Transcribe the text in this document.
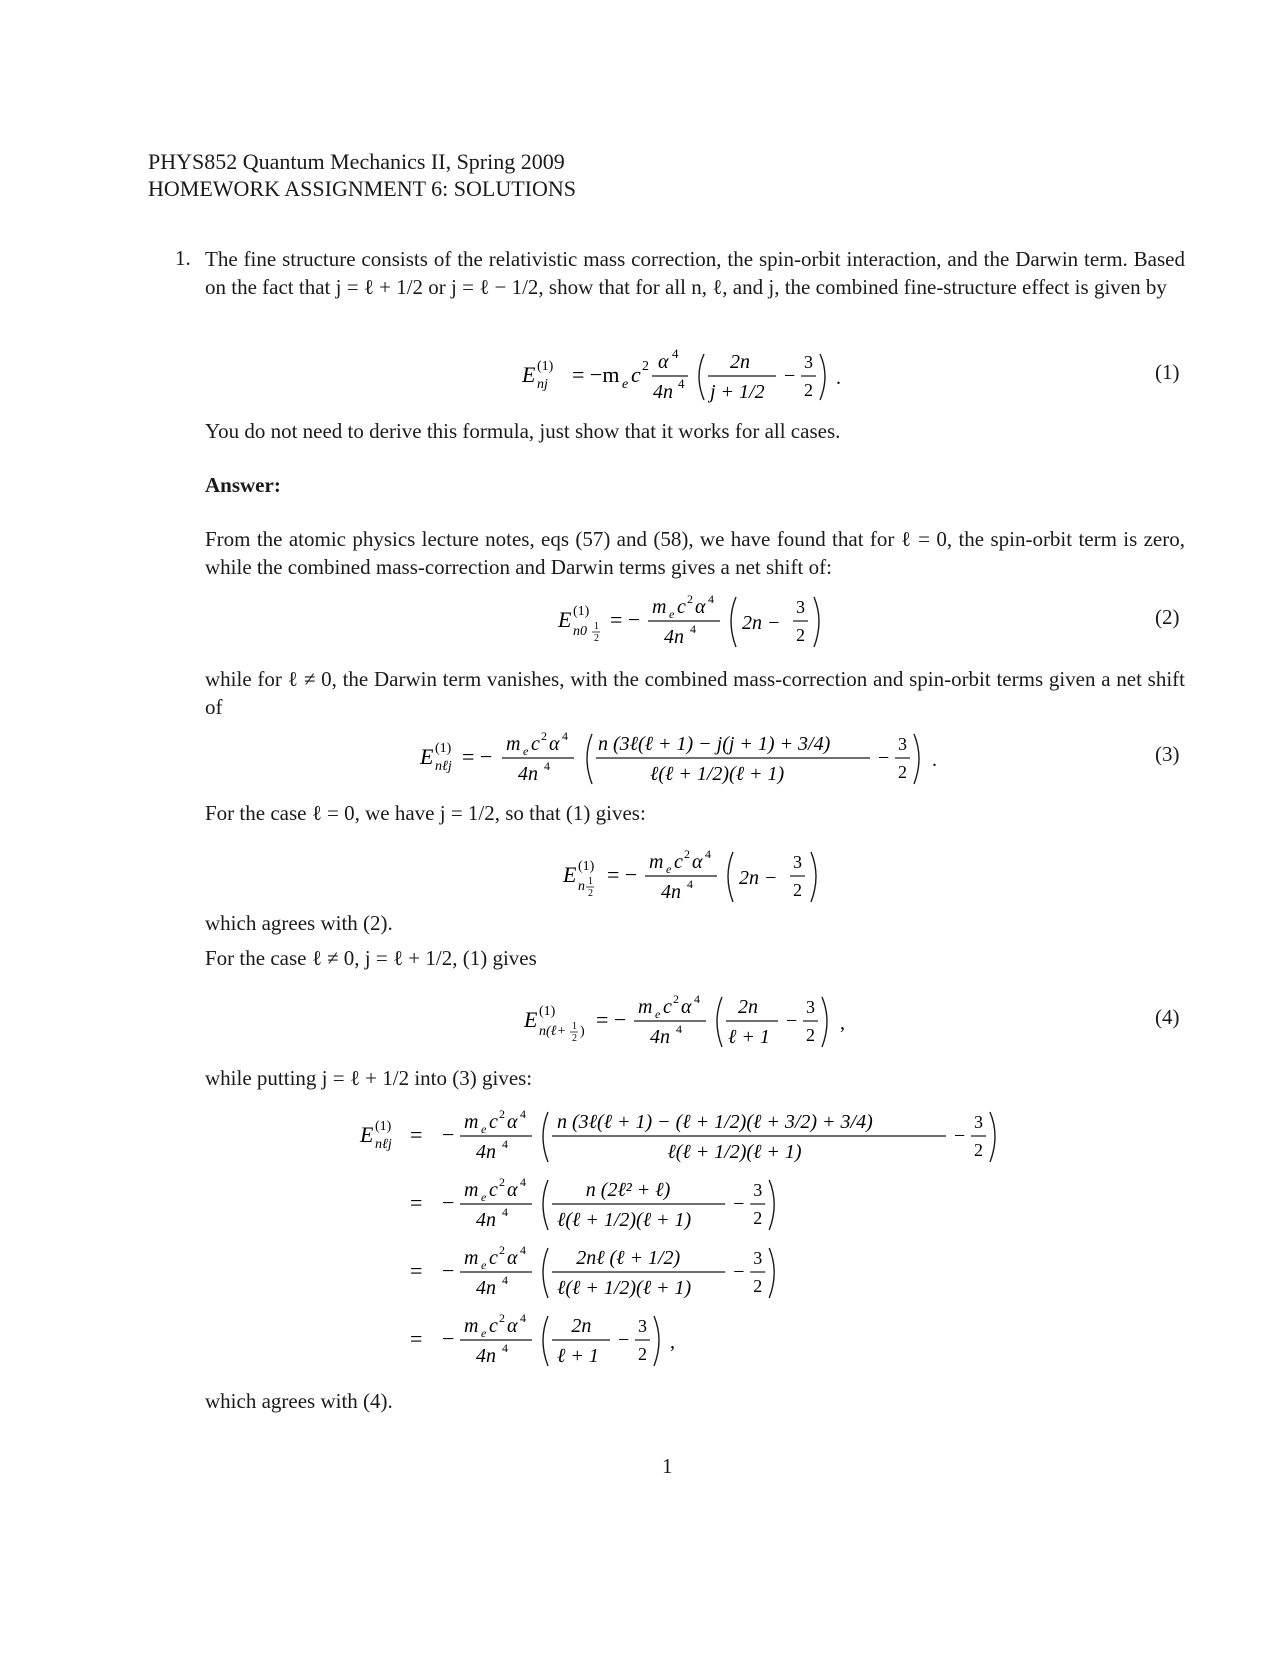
PHYS852 Quantum Mechanics II, Spring 2009
HOMEWORK ASSIGNMENT 6: SOLUTIONS
1. The fine structure consists of the relativistic mass correction, the spin-orbit interaction, and the Darwin term. Based on the fact that j = ℓ + 1/2 or j = ℓ − 1/2, show that for all n, ℓ, and j, the combined fine-structure effect is given by
E (1)
nj = −m e c 2 α 4
4n 4
2n
j + 1/2
−
3
2
.	(1)
You do not need to derive this formula, just show that it works for all cases.
Answer:
From the atomic physics lecture notes, eqs (57) and (58), we have found that for ℓ = 0, the spin-orbit term is zero, while the combined mass-correction and Darwin terms gives a net shift of:
E (1)
n0 1
2
= − m e c 2 α 4
4n 4 2n −
3
2
(2)
while for ℓ ≠ 0, the Darwin term vanishes, with the combined mass-correction and spin-orbit terms given a net shift of
E (1)
nℓj = − m e c 2 α 4
4n 4
n (3ℓ(ℓ + 1) − j(j + 1) + 3/4)
ℓ(ℓ + 1/2)(ℓ + 1)
−
3
2
.	(3)
For the case ℓ = 0, we have j = 1/2, so that (1) gives:
E (1)
n 1
2
= − m e c 2 α 4
4n 4 2n −
3
2
which agrees with (2).
For the case ℓ ≠ 0, j = ℓ + 1/2, (1) gives
E (1)
n(ℓ+ 1
2 ) = − m e c 2 α 4
4n 4
2n
ℓ + 1
−
3
2
,	(4)
while putting j = ℓ + 1/2 into (3) gives:
E (1)
nℓj = − m e c 2 α 4
4n 4
n (3ℓ(ℓ + 1) − (ℓ + 1/2)(ℓ + 3/2) + 3/4)
ℓ(ℓ + 1/2)(ℓ + 1)
−
3
2
= − m e c 2 α 4
4n 4
n (2ℓ² + ℓ)
ℓ(ℓ + 1/2)(ℓ + 1)
−
3
2
= − m e c 2 α 4
4n 4
2nℓ (ℓ + 1/2)
ℓ(ℓ + 1/2)(ℓ + 1)
−
3
2
= − m e c 2 α 4
4n 4
2n
ℓ + 1
−
3
2
,
which agrees with (4).
1
